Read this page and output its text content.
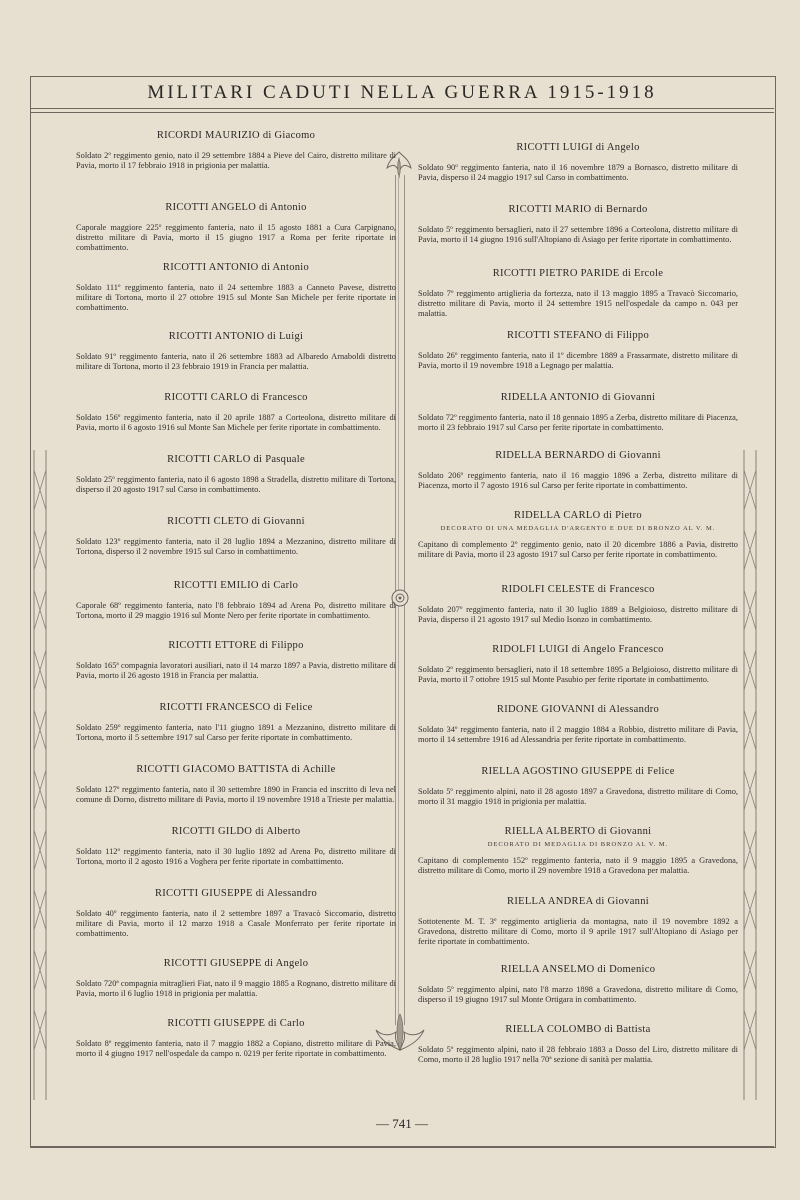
MILITARI CADUTI NELLA GUERRA 1915-1918
RICORDI MAURIZIO di Giacomo
Soldato 2º reggimento genio, nato il 29 settembre 1884 a Pieve del Cairo, distretto militare di Pavia, morto il 17 febbraio 1918 in prigionia per malattia.
RICOTTI ANGELO di Antonio
Caporale maggiore 225º reggimento fanteria, nato il 15 agosto 1881 a Cura Carpignano, distretto militare di Pavia, morto il 15 giugno 1917 a Roma per ferite riportate in combattimento.
RICOTTI ANTONIO di Antonio
Soldato 111º reggimento fanteria, nato il 24 settembre 1883 a Canneto Pavese, distretto militare di Tortona, morto il 27 ottobre 1915 sul Monte San Michele per ferite riportate in combattimento.
RICOTTI ANTONIO di Luigi
Soldato 91º reggimento fanteria, nato il 26 settembre 1883 ad Albaredo Arnaboldi distretto militare di Tortona, morto il 23 febbraio 1919 in Francia per malattia.
RICOTTI CARLO di Francesco
Soldato 156º reggimento fanteria, nato il 20 aprile 1887 a Corteolona, distretto militare di Pavia, morto il 6 agosto 1916 sul Monte San Michele per ferite riportate in combattimento.
RICOTTI CARLO di Pasquale
Soldato 25º reggimento fanteria, nato il 6 agosto 1898 a Stradella, distretto militare di Tortona, disperso il 20 agosto 1917 sul Carso in combattimento.
RICOTTI CLETO di Giovanni
Soldato 123º reggimento fanteria, nato il 28 luglio 1894 a Mezzanino, distretto militare di Tortona, disperso il 2 novembre 1915 sul Carso in combattimento.
RICOTTI EMILIO di Carlo
Caporale 68º reggimento fanteria, nato l'8 febbraio 1894 ad Arena Po, distretto militare di Tortona, morto il 29 maggio 1916 sul Monte Nero per ferite riportate in combattimento.
RICOTTI ETTORE di Filippo
Soldato 165ª compagnia lavoratori ausiliari, nato il 14 marzo 1897 a Pavia, distretto militare di Pavia, morto il 26 agosto 1918 in Francia per malattia.
RICOTTI FRANCESCO di Felice
Soldato 259º reggimento fanteria, nato l'11 giugno 1891 a Mezzanino, distretto militare di Tortona, morto il 5 settembre 1917 sul Carso per ferite riportate in combattimento.
RICOTTI GIACOMO BATTISTA di Achille
Soldato 127º reggimento fanteria, nato il 30 settembre 1890 in Francia ed inscritto di leva nel comune di Dorno, distretto militare di Pavia, morto il 19 novembre 1918 a Trieste per malattia.
RICOTTI GILDO di Alberto
Soldato 112º reggimento fanteria, nato il 30 luglio 1892 ad Arena Po, distretto militare di Tortona, morto il 2 agosto 1916 a Voghera per ferite riportate in combattimento.
RICOTTI GIUSEPPE di Alessandro
Soldato 40º reggimento fanteria, nato il 2 settembre 1897 a Travacò Siccomario, distretto militare di Pavia, morto il 12 marzo 1918 a Casale Monferrato per ferite riportate in combattimento.
RICOTTI GIUSEPPE di Angelo
Soldato 720ª compagnia mitraglieri Fiat, nato il 9 maggio 1885 a Rognano, distretto militare di Pavia, morto il 6 luglio 1918 in prigionia per malattia.
RICOTTI GIUSEPPE di Carlo
Soldato 8º reggimento fanteria, nato il 7 maggio 1882 a Copiano, distretto militare di Pavia, morto il 4 giugno 1917 nell'ospedale da campo n. 0219 per ferite riportate in combattimento.
RICOTTI LUIGI di Angelo
Soldato 90º reggimento fanteria, nato il 16 novembre 1879 a Bornasco, distretto militare di Pavia, disperso il 24 maggio 1917 sul Carso in combattimento.
RICOTTI MARIO di Bernardo
Soldato 5º reggimento bersaglieri, nato il 27 settembre 1896 a Corteolona, distretto militare di Pavia, morto il 14 giugno 1916 sull'Altopiano di Asiago per ferite riportate in combattimento.
RICOTTI PIETRO PARIDE di Ercole
Soldato 7º reggimento artiglieria da fortezza, nato il 13 maggio 1895 a Travacò Siccomario, distretto militare di Pavia, morto il 24 settembre 1915 nell'ospedale da campo n. 043 per malattia.
RICOTTI STEFANO di Filippo
Soldato 26º reggimento fanteria, nato il 1º dicembre 1889 a Frassarmate, distretto militare di Pavia, morto il 19 novembre 1918 a Legnago per malattia.
RIDELLA ANTONIO di Giovanni
Soldato 72º reggimento fanteria, nato il 18 gennaio 1895 a Zerba, distretto militare di Piacenza, morto il 23 febbraio 1917 sul Carso per ferite riportate in combattimento.
RIDELLA BERNARDO di Giovanni
Soldato 206º reggimento fanteria, nato il 16 maggio 1896 a Zerba, distretto militare di Piacenza, morto il 7 agosto 1916 sul Carso per ferite riportate in combattimento.
RIDELLA CARLO di Pietro
DECORATO DI UNA MEDAGLIA D'ARGENTO E DUE DI BRONZO AL V. M.
Capitano di complemento 2º reggimento genio, nato il 20 dicembre 1886 a Pavia, distretto militare di Pavia, morto il 23 agosto 1917 sul Carso per ferite riportate in combattimento.
RIDOLFI CELESTE di Francesco
Soldato 207º reggimento fanteria, nato il 30 luglio 1889 a Belgioioso, distretto militare di Pavia, disperso il 21 agosto 1917 sul Medio Isonzo in combattimento.
RIDOLFI LUIGI di Angelo Francesco
Soldato 2º reggimento bersaglieri, nato il 18 settembre 1895 a Belgioioso, distretto militare di Pavia, morto il 7 ottobre 1915 sul Monte Pasubio per ferite riportate in combattimento.
RIDONE GIOVANNI di Alessandro
Soldato 34º reggimento fanteria, nato il 2 maggio 1884 a Robbio, distretto militare di Pavia, morto il 14 settembre 1916 ad Alessandria per ferite riportate in combattimento.
RIELLA AGOSTINO GIUSEPPE di Felice
Soldato 5º reggimento alpini, nato il 28 agosto 1897 a Gravedona, distretto militare di Como, morto il 31 maggio 1918 in prigionia per malattia.
RIELLA ALBERTO di Giovanni
DECORATO DI MEDAGLIA DI BRONZO AL V. M.
Capitano di complemento 152º reggimento fanteria, nato il 9 maggio 1895 a Gravedona, distretto militare di Como, morto il 29 novembre 1918 a Gravedona per malattia.
RIELLA ANDREA di Giovanni
Sottotenente M. T. 3º reggimento artiglieria da montagna, nato il 19 novembre 1892 a Gravedona, distretto militare di Como, morto il 9 aprile 1917 sull'Altopiano di Asiago per ferite riportate in combattimento.
RIELLA ANSELMO di Domenico
Soldato 5º reggimento alpini, nato l'8 marzo 1898 a Gravedona, distretto militare di Como, disperso il 19 giugno 1917 sul Monte Ortigara in combattimento.
RIELLA COLOMBO di Battista
Soldato 5º reggimento alpini, nato il 28 febbraio 1883 a Dosso del Liro, distretto militare di Como, morto il 28 luglio 1917 nella 70ª sezione di sanità per malattia.
— 741 —
